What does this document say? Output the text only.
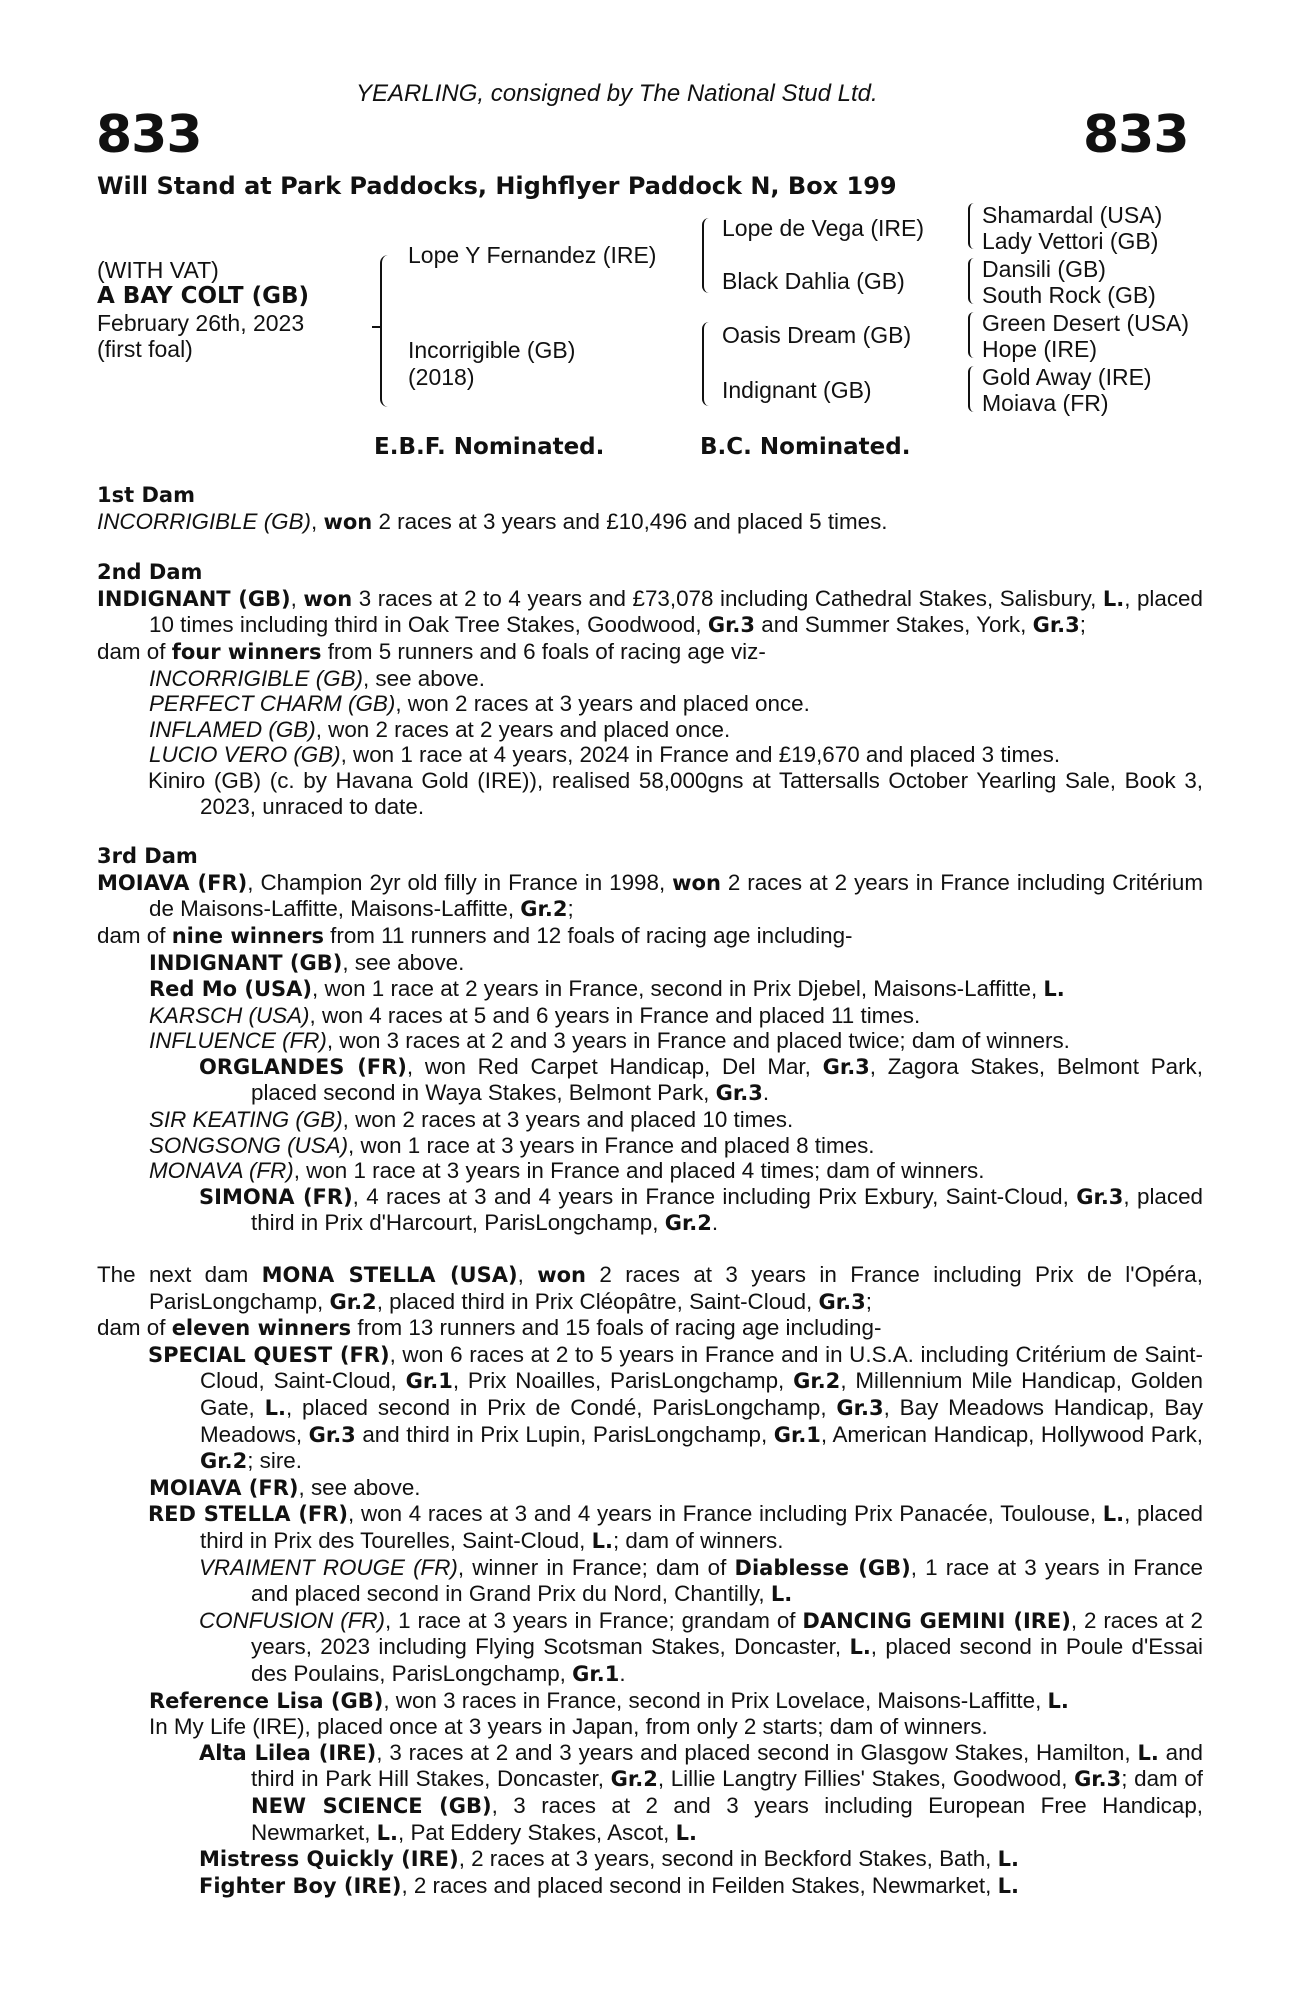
YEARLING, consigned by The National Stud Ltd.
833	833
Will Stand at Park Paddocks, Highflyer Paddock N, Box 199
(WITH VAT)
A BAY COLT (GB)
February 26th, 2023
(first foal)
Lope Y Fernandez (IRE)
Incorrigible (GB)
(2018)
Lope de Vega (IRE)
Black Dahlia (GB)
Oasis Dream (GB)
Indignant (GB)
Shamardal (USA)
Lady Vettori (GB)
Dansili (GB)
South Rock (GB)
Green Desert (USA)
Hope (IRE)
Gold Away (IRE)
Moiava (FR)
E.B.F. Nominated.	B.C. Nominated.

1st Dam

INCORRIGIBLE (GB), won 2 races at 3 years and £10,496 and placed 5 times.

2nd Dam

INDIGNANT (GB), won 3 races at 2 to 4 years and £73,078 including Cathedral Stakes, Salisbury, L., placed 10 times including third in Oak Tree Stakes, Goodwood, Gr.3 and Summer Stakes, York, Gr.3;

dam of four winners from 5 runners and 6 foals of racing age viz-

INCORRIGIBLE (GB), see above.

PERFECT CHARM (GB), won 2 races at 3 years and placed once.

INFLAMED (GB), won 2 races at 2 years and placed once.

LUCIO VERO (GB), won 1 race at 4 years, 2024 in France and £19,670 and placed 3 times.

Kiniro (GB) (c. by Havana Gold (IRE)), realised 58,000gns at Tattersalls October Yearling Sale, Book 3, 2023, unraced to date.

3rd Dam

MOIAVA (FR), Champion 2yr old filly in France in 1998, won 2 races at 2 years in France including Critérium de Maisons-Laffitte, Maisons-Laffitte, Gr.2;

dam of nine winners from 11 runners and 12 foals of racing age including-

INDIGNANT (GB), see above.

Red Mo (USA), won 1 race at 2 years in France, second in Prix Djebel, Maisons-Laffitte, L.

KARSCH (USA), won 4 races at 5 and 6 years in France and placed 11 times.

INFLUENCE (FR), won 3 races at 2 and 3 years in France and placed twice; dam of winners.

ORGLANDES (FR), won Red Carpet Handicap, Del Mar, Gr.3, Zagora Stakes, Belmont Park, placed second in Waya Stakes, Belmont Park, Gr.3.

SIR KEATING (GB), won 2 races at 3 years and placed 10 times.

SONGSONG (USA), won 1 race at 3 years in France and placed 8 times.

MONAVA (FR), won 1 race at 3 years in France and placed 4 times; dam of winners.

SIMONA (FR), 4 races at 3 and 4 years in France including Prix Exbury, Saint-Cloud, Gr.3, placed third in Prix d'Harcourt, ParisLongchamp, Gr.2.

The next dam MONA STELLA (USA), won 2 races at 3 years in France including Prix de l'Opéra, ParisLongchamp, Gr.2, placed third in Prix Cléopâtre, Saint-Cloud, Gr.3;

dam of eleven winners from 13 runners and 15 foals of racing age including-

SPECIAL QUEST (FR), won 6 races at 2 to 5 years in France and in U.S.A. including Critérium de Saint-Cloud, Saint-Cloud, Gr.1, Prix Noailles, ParisLongchamp, Gr.2, Millennium Mile Handicap, Golden Gate, L., placed second in Prix de Condé, ParisLongchamp, Gr.3, Bay Meadows Handicap, Bay Meadows, Gr.3 and third in Prix Lupin, ParisLongchamp, Gr.1, American Handicap, Hollywood Park, Gr.2; sire.

MOIAVA (FR), see above.

RED STELLA (FR), won 4 races at 3 and 4 years in France including Prix Panacée, Toulouse, L., placed third in Prix des Tourelles, Saint-Cloud, L.; dam of winners.

VRAIMENT ROUGE (FR), winner in France; dam of Diablesse (GB), 1 race at 3 years in France and placed second in Grand Prix du Nord, Chantilly, L.

CONFUSION (FR), 1 race at 3 years in France; grandam of DANCING GEMINI (IRE), 2 races at 2 years, 2023 including Flying Scotsman Stakes, Doncaster, L., placed second in Poule d'Essai des Poulains, ParisLongchamp, Gr.1.

Reference Lisa (GB), won 3 races in France, second in Prix Lovelace, Maisons-Laffitte, L.

In My Life (IRE), placed once at 3 years in Japan, from only 2 starts; dam of winners.

Alta Lilea (IRE), 3 races at 2 and 3 years and placed second in Glasgow Stakes, Hamilton, L. and third in Park Hill Stakes, Doncaster, Gr.2, Lillie Langtry Fillies' Stakes, Goodwood, Gr.3; dam of NEW SCIENCE (GB), 3 races at 2 and 3 years including European Free Handicap, Newmarket, L., Pat Eddery Stakes, Ascot, L.

Mistress Quickly (IRE), 2 races at 3 years, second in Beckford Stakes, Bath, L.

Fighter Boy (IRE), 2 races and placed second in Feilden Stakes, Newmarket, L.
